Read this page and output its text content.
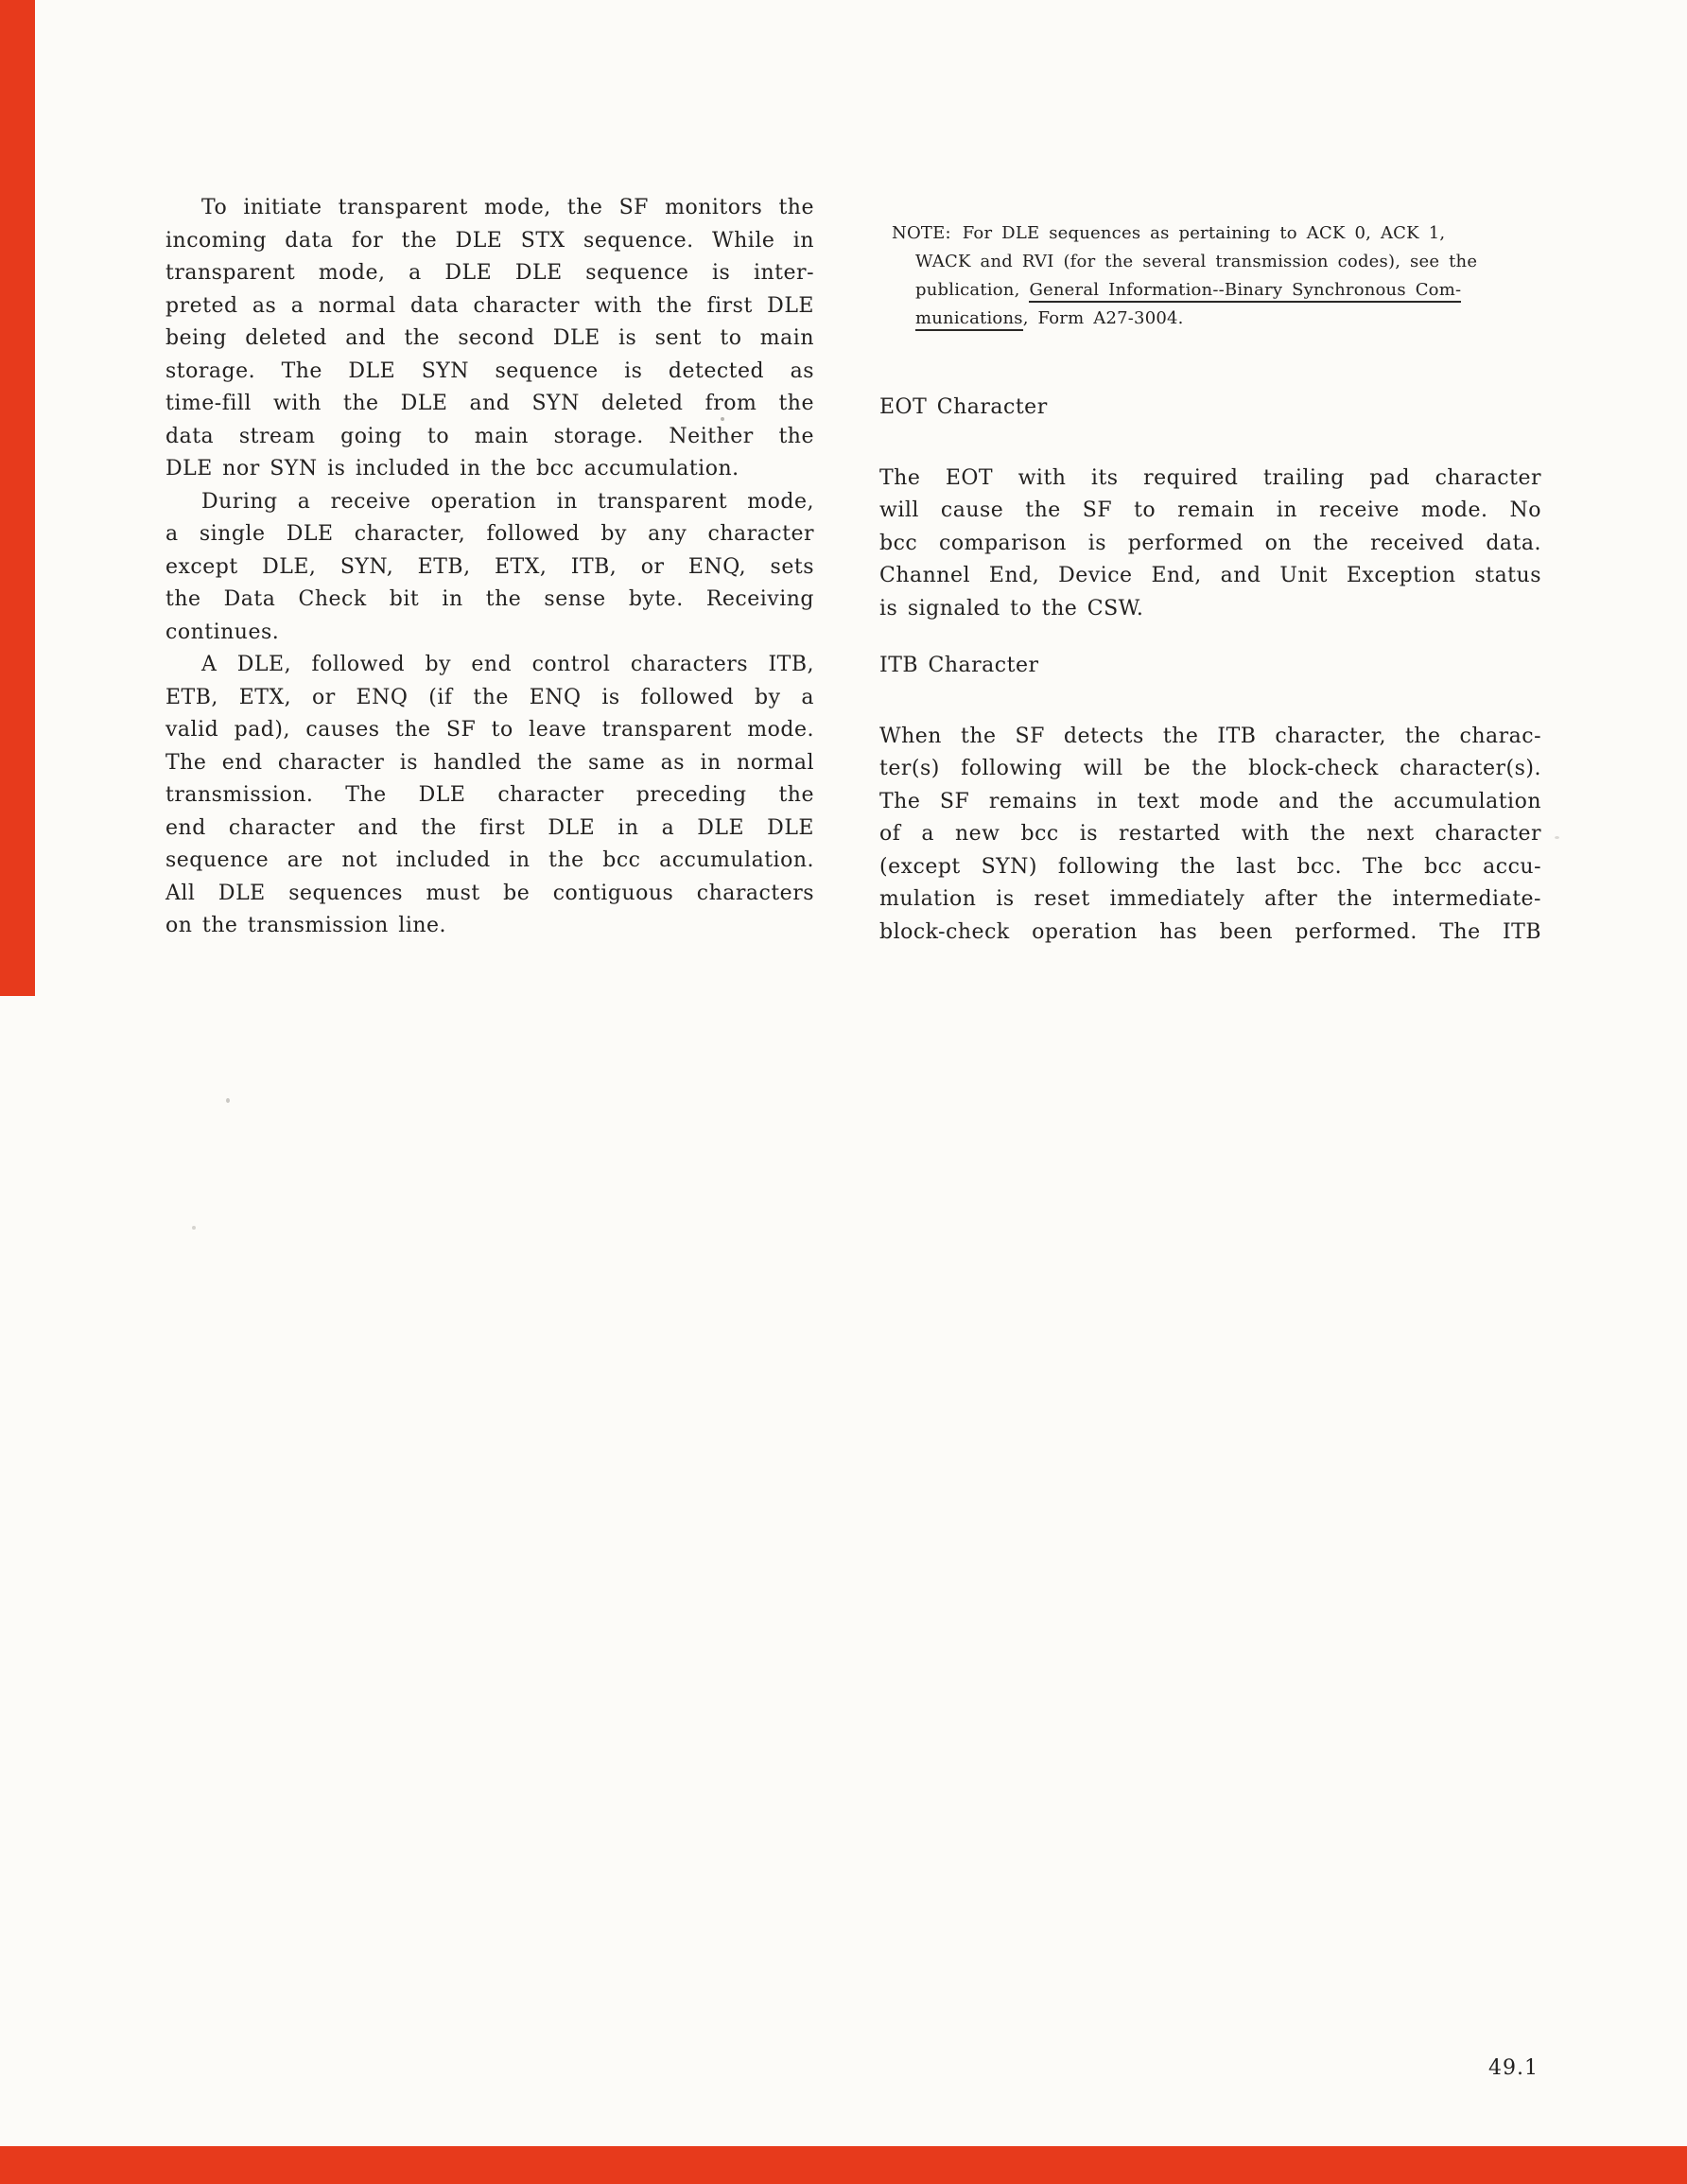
To initiate transparent mode, the SF monitors the
incoming data for the DLE STX sequence. While in
transparent mode, a DLE DLE sequence is inter-
preted as a normal data character with the first DLE
being deleted and the second DLE is sent to main
storage. The DLE SYN sequence is detected as
time-fill with the DLE and SYN deleted from the
data stream going to main storage. Neither the
DLE nor SYN is included in the bcc accumulation.
During a receive operation in transparent mode,
a single DLE character, followed by any character
except DLE, SYN, ETB, ETX, ITB, or ENQ, sets
the Data Check bit in the sense byte. Receiving
continues.
A DLE, followed by end control characters ITB,
ETB, ETX, or ENQ (if the ENQ is followed by a
valid pad), causes the SF to leave transparent mode.
The end character is handled the same as in normal
transmission. The DLE character preceding the
end character and the first DLE in a DLE DLE
sequence are not included in the bcc accumulation.
All DLE sequences must be contiguous characters
on the transmission line.
NOTE: For DLE sequences as pertaining to ACK 0, ACK 1,
WACK and RVI (for the several transmission codes), see the
publication, General Information--Binary Synchronous Com-
munications, Form A27-3004.
EOT Character
The EOT with its required trailing pad character
will cause the SF to remain in receive mode. No
bcc comparison is performed on the received data.
Channel End, Device End, and Unit Exception status
is signaled to the CSW.
ITB Character
When the SF detects the ITB character, the charac-
ter(s) following will be the block-check character(s).
The SF remains in text mode and the accumulation
of a new bcc is restarted with the next character
(except SYN) following the last bcc. The bcc accu-
mulation is reset immediately after the intermediate-
block-check operation has been performed. The ITB
49.1
